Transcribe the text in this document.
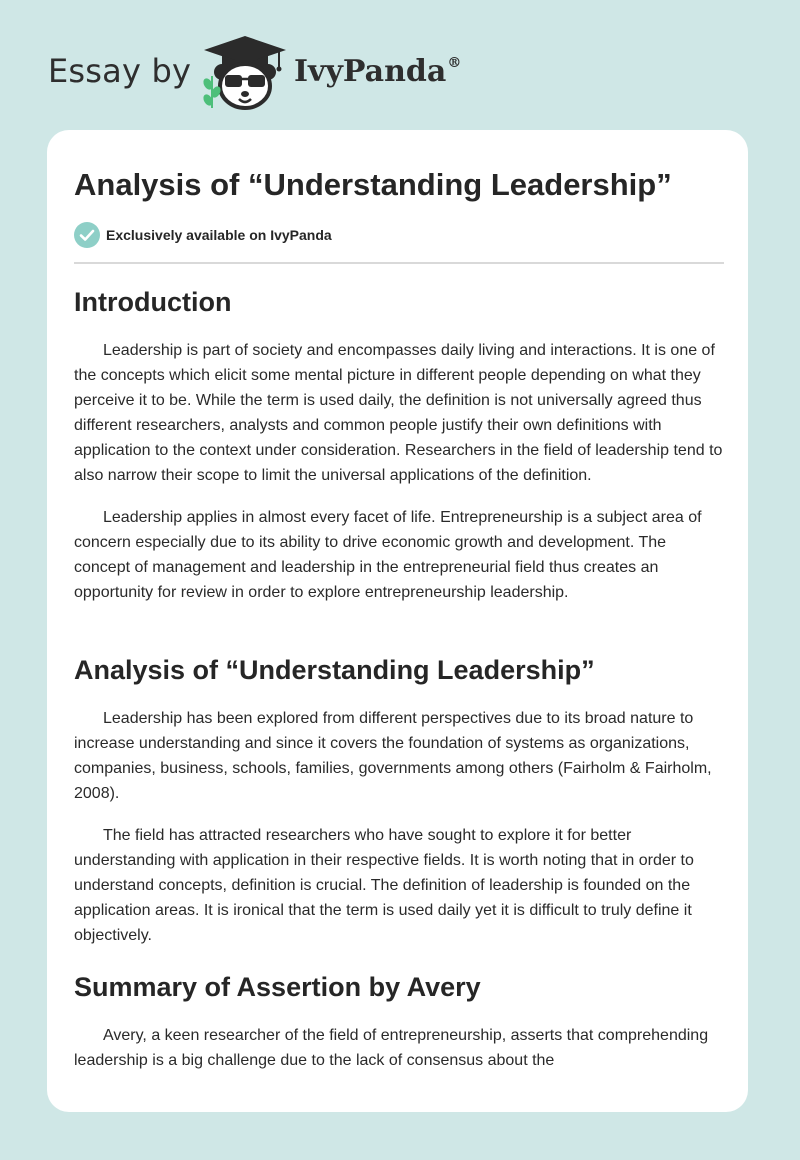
Essay by	IvyPanda®
Analysis of “Understanding Leadership”
Exclusively available on IvyPanda
Introduction

Leadership is part of society and encompasses daily living and interactions. It is one of the concepts which elicit some mental picture in different people depending on what they perceive it to be. While the term is used daily, the definition is not universally agreed thus different researchers, analysts and common people justify their own definitions with application to the context under consideration. Researchers in the field of leadership tend to also narrow their scope to limit the universal applications of the definition.

Leadership applies in almost every facet of life. Entrepreneurship is a subject area of concern especially due to its ability to drive economic growth and development. The concept of management and leadership in the entrepreneurial field thus creates an opportunity for review in order to explore entrepreneurship leadership.

Analysis of “Understanding Leadership”

Leadership has been explored from different perspectives due to its broad nature to increase understanding and since it covers the foundation of systems as organizations, companies, business, schools, families, governments among others (Fairholm & Fairholm, 2008).

The field has attracted researchers who have sought to explore it for better understanding with application in their respective fields. It is worth noting that in order to understand concepts, definition is crucial. The definition of leadership is founded on the application areas. It is ironical that the term is used daily yet it is difficult to truly define it objectively.

Summary of Assertion by Avery

Avery, a keen researcher of the field of entrepreneurship, asserts that comprehending leadership is a big challenge due to the lack of consensus about the
